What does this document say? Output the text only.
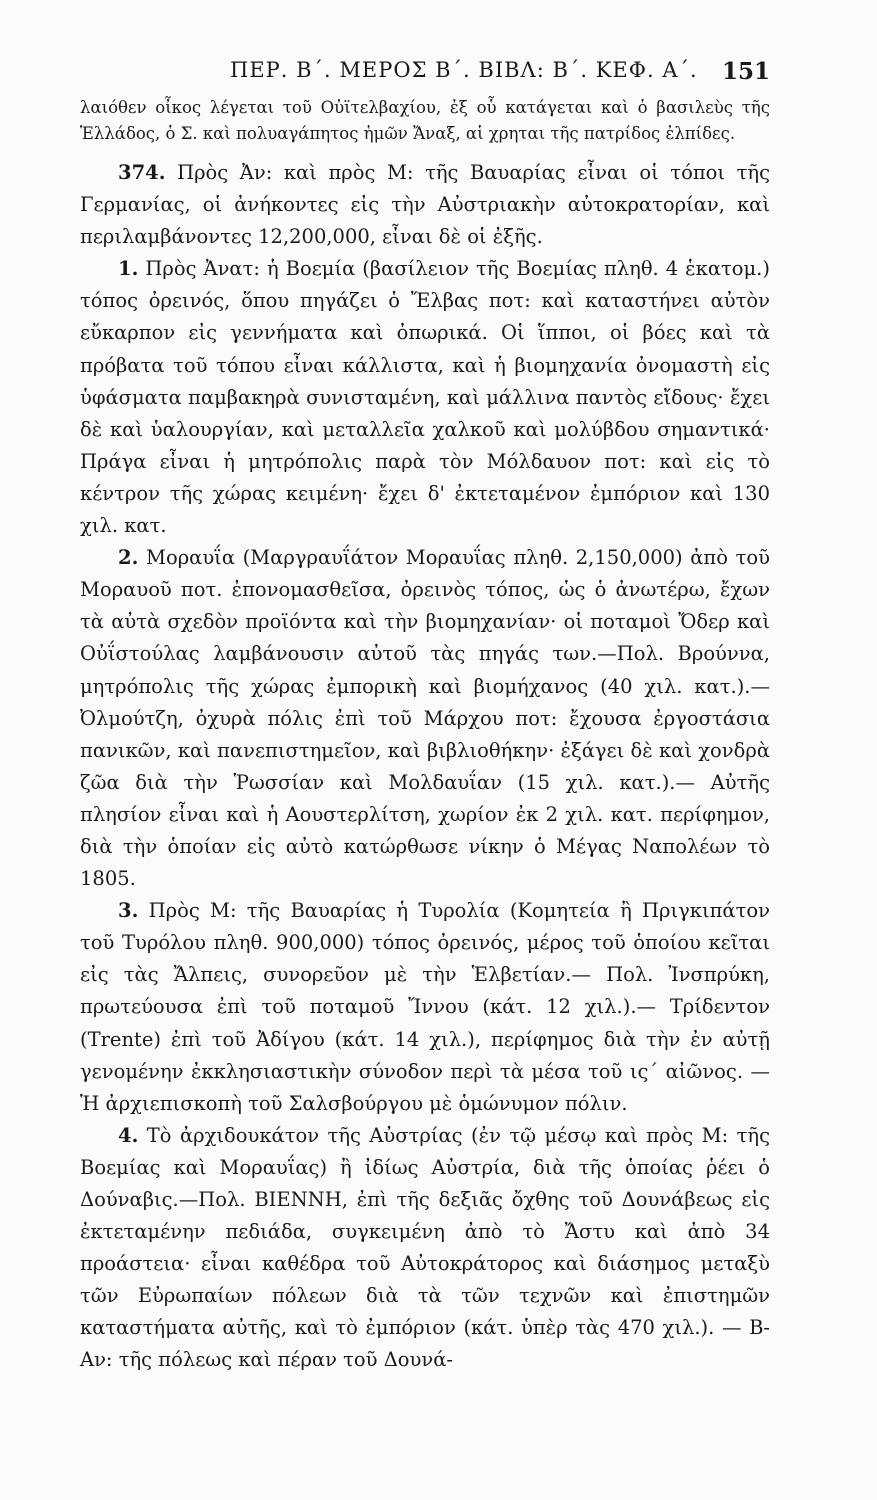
ΠΕΡ. Β΄. ΜΕΡΟΣ Β΄. ΒΙΒΛ: Β΄. ΚΕΦ. Α΄. 151

λαιόθεν οἶκος λέγεται τοῦ Οὐϊτελβαχίου, ἐξ οὗ κατάγεται καὶ ὁ βασιλεὺς τῆς Ἑλλάδος, ὁ Σ. καὶ πολυαγάπητος ἡμῶν Ἄναξ, αἱ χρηται τῆς πατρίδος ἐλπίδες.

374. Πρὸς Ἀν: καὶ πρὸς Μ: τῆς Βαυαρίας εἶναι οἱ τόποι τῆς Γερμανίας, οἱ ἀνήκοντες εἰς τὴν Αὐστριακὴν αὐτοκρατορίαν, καὶ περιλαμβάνοντες 12,200,000, εἶναι δὲ οἱ ἐξῆς.

1. Πρὸς Ἀνατ: ἡ Βοεμία (βασίλειον τῆς Βοεμίας πληθ. 4 ἑκατομ.) τόπος ὀρεινός, ὅπου πηγάζει ὁ Ἔλβας ποτ: καὶ καταστήνει αὐτὸν εὔκαρπον εἰς γεννήματα καὶ ὀπωρικά. Οἱ ἵπποι, οἱ βόες καὶ τὰ πρόβατα τοῦ τόπου εἶναι κάλλιστα, καὶ ἡ βιομηχανία ὀνομαστὴ εἰς ὑφάσματα παμβακηρὰ συνισταμένη, καὶ μάλλινα παντὸς εἴδους· ἔχει δὲ καὶ ὑαλουργίαν, καὶ μεταλλεῖα χαλκοῦ καὶ μολύβδου σημαντικά· Πράγα εἶναι ἡ μητρόπολις παρὰ τὸν Μόλδαυον ποτ: καὶ εἰς τὸ κέντρον τῆς χώρας κειμένη· ἔχει δ' ἐκτεταμένον ἐμπόριον καὶ 130 χιλ. κατ.

2. Μοραυΐα (Μαργραυΐάτον Μοραυΐας πληθ. 2,150,000) ἀπὸ τοῦ Μοραυοῦ ποτ. ἐπονομασθεῖσα, ὀρεινὸς τόπος, ὡς ὁ ἀνωτέρω, ἔχων τὰ αὐτὰ σχεδὸν προϊόντα καὶ τὴν βιομηχανίαν· οἱ ποταμοὶ Ὄδερ καὶ Οὐΐστούλας λαμβάνουσιν αὐτοῦ τὰς πηγάς των.—Πολ. Βρούννα, μητρόπολις τῆς χώρας ἐμπορικὴ καὶ βιομήχανος (40 χιλ. κατ.).—Ὀλμούτζη, ὀχυρὰ πόλις ἐπὶ τοῦ Μάρχου ποτ: ἔχουσα ἐργοστάσια πανικῶν, καὶ πανεπιστημεῖον, καὶ βιβλιοθήκην· ἐξάγει δὲ καὶ χονδρὰ ζῶα διὰ τὴν Ῥωσσίαν καὶ Μολδαυΐαν (15 χιλ. κατ.).— Αὐτῆς πλησίον εἶναι καὶ ἡ Αουστερλίτση, χωρίον ἐκ 2 χιλ. κατ. περίφημον, διὰ τὴν ὁποίαν εἰς αὐτὸ κατώρθωσε νίκην ὁ Μέγας Ναπολέων τὸ 1805.

3. Πρὸς Μ: τῆς Βαυαρίας ἡ Τυρολία (Κομητεία ἢ Πριγκιπάτον τοῦ Τυρόλου πληθ. 900,000) τόπος ὀρεινός, μέρος τοῦ ὁποίου κεῖται εἰς τὰς Ἄλπεις, συνορεῦον μὲ τὴν Ἑλβετίαν.— Πολ. Ἰνσπρύκη, πρωτεύουσα ἐπὶ τοῦ ποταμοῦ Ἴννου (κάτ. 12 χιλ.).— Τρίδεντον (Trente) ἐπὶ τοῦ Ἀδίγου (κάτ. 14 χιλ.), περίφημος διὰ τὴν ἐν αὐτῇ γενομένην ἐκκλησιαστικὴν σύνοδον περὶ τὰ μέσα τοῦ ις΄ αἰῶνος. — Ἡ ἀρχιεπισκοπὴ τοῦ Σαλσβούργου μὲ ὁμώνυμον πόλιν.

4. Τὸ ἀρχιδουκάτον τῆς Αὐστρίας (ἐν τῷ μέσῳ καὶ πρὸς Μ: τῆς Βοεμίας καὶ Μοραυΐας) ἢ ἰδίως Αὐστρία, διὰ τῆς ὁποίας ῥέει ὁ Δούναβις.—Πολ. ΒΙΕΝΝΗ, ἐπὶ τῆς δεξιᾶς ὄχθης τοῦ Δουνάβεως εἰς ἐκτεταμένην πεδιάδα, συγκειμένη ἀπὸ τὸ Ἄστυ καὶ ἀπὸ 34 προάστεια· εἶναι καθέδρα τοῦ Αὐτοκράτορος καὶ διάσημος μεταξὺ τῶν Εὐρωπαίων πόλεων διὰ τὰ τῶν τεχνῶν καὶ ἐπιστημῶν καταστήματα αὐτῆς, καὶ τὸ ἐμπόριον (κάτ. ὑπὲρ τὰς 470 χιλ.). — Β-Αν: τῆς πόλεως καὶ πέραν τοῦ Δουνά-
